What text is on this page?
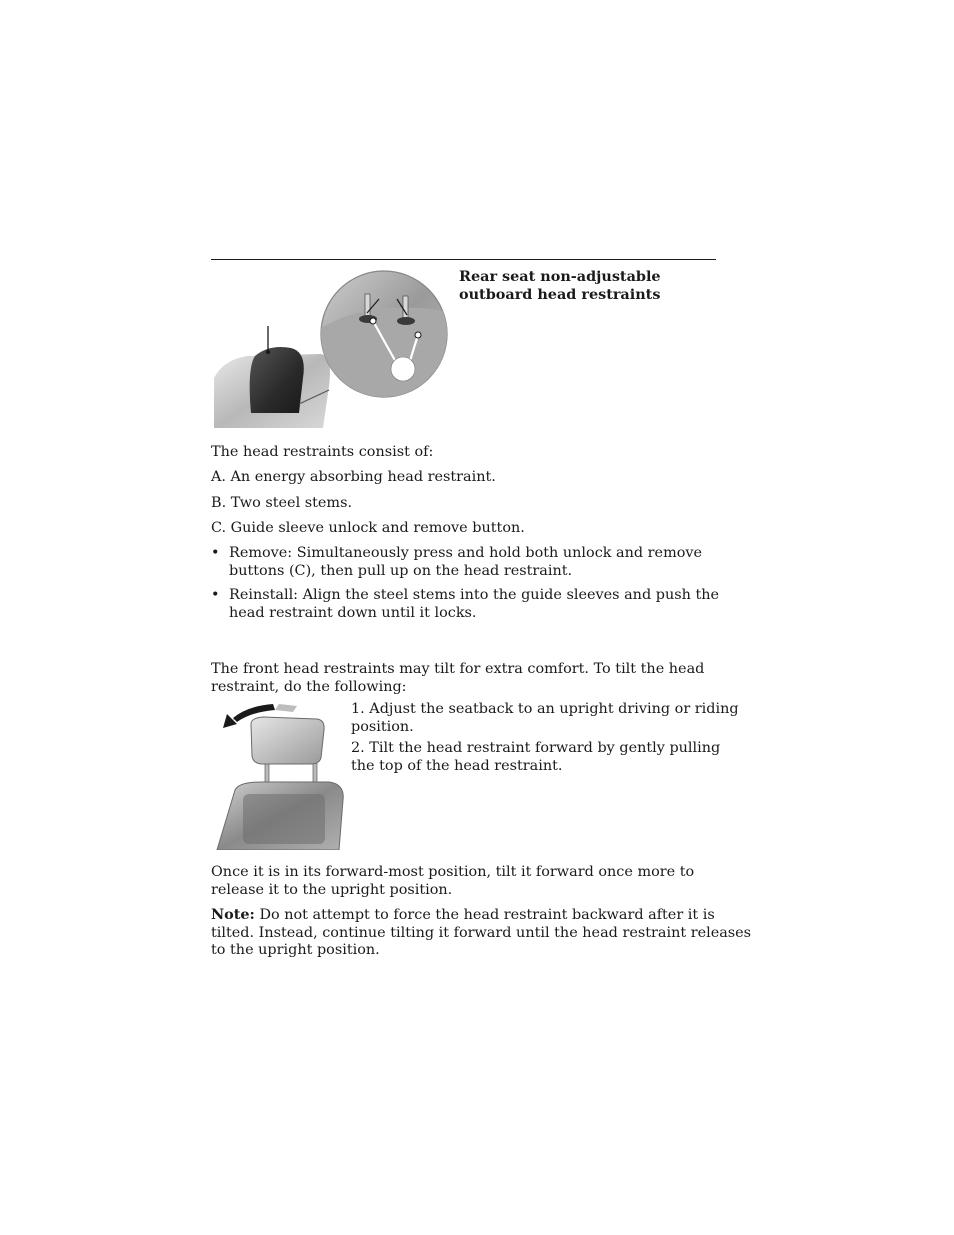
Rear seat non-adjustable
outboard head restraints

The head restraints consist of:

A. An energy absorbing head restraint.

B. Two steel stems.

C. Guide sleeve unlock and remove button.

• Remove: Simultaneously press and hold both unlock and remove
buttons (C), then pull up on the head restraint.
• Reinstall: Align the steel stems into the guide sleeves and push the
head restraint down until it locks.
The front head restraints may tilt for extra comfort. To tilt the head
restraint, do the following:
1. Adjust the seatback to an upright driving or riding
position.
2. Tilt the head restraint forward by gently pulling
the top of the head restraint.
Once it is in its forward-most position, tilt it forward once more to
release it to the upright position.
Note: Do not attempt to force the head restraint backward after it is
tilted. Instead, continue tilting it forward until the head restraint releases
to the upright position.
